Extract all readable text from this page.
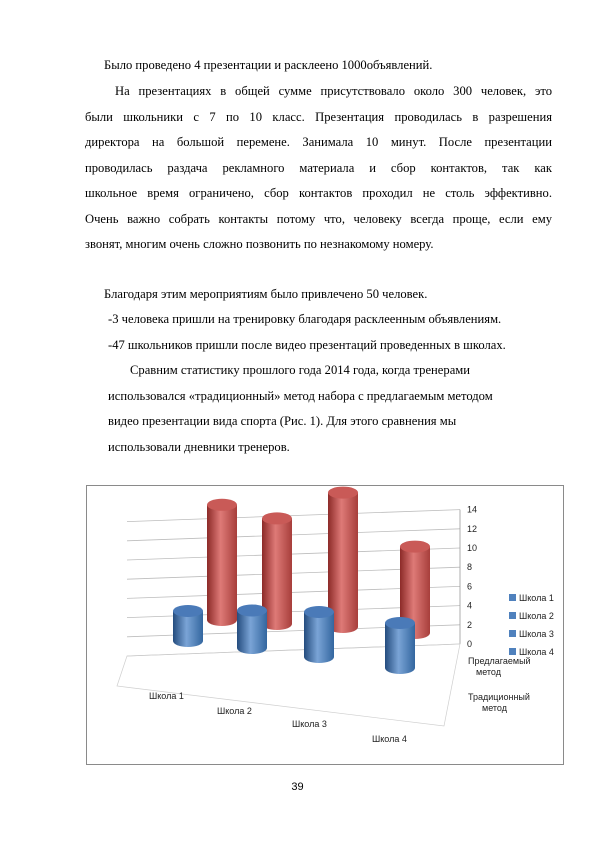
Было проведено 4 презентации и расклеено 1000объявлений.
На презентациях в общей сумме присутствовало около 300 человек, это
были школьники с 7 по 10 класс. Презентация проводилась в разрешения
директора на большой перемене. Занимала 10 минут. После презентации
проводилась раздача рекламного материала и сбор контактов, так как
школьное время ограничено, сбор контактов проходил не столь эффективно.
Очень важно собрать контакты потому что, человеку всегда проще, если ему
звонят, многим очень сложно позвонить по незнакомому номеру.
Благодаря этим мероприятиям было привлечено 50 человек.
-3 человека пришли на тренировку благодаря расклеенным объявлениям.
-47 школьников пришли после видео презентаций проведенных в школах.
Сравним статистику прошлого года 2014 года, когда тренерами
использовался «традиционный» метод набора с предлагаемым методом
видео презентации вида спорта (Рис. 1). Для этого сравнения мы
использовали дневники тренеров.
0
2
4
6
8
10
12
14
Школа 1
Школа 2
Школа 3
Школа 4
Предлагаемый
метод
Традиционный
метод
Школа 1
Школа 2
Школа 3
Школа 4
39
